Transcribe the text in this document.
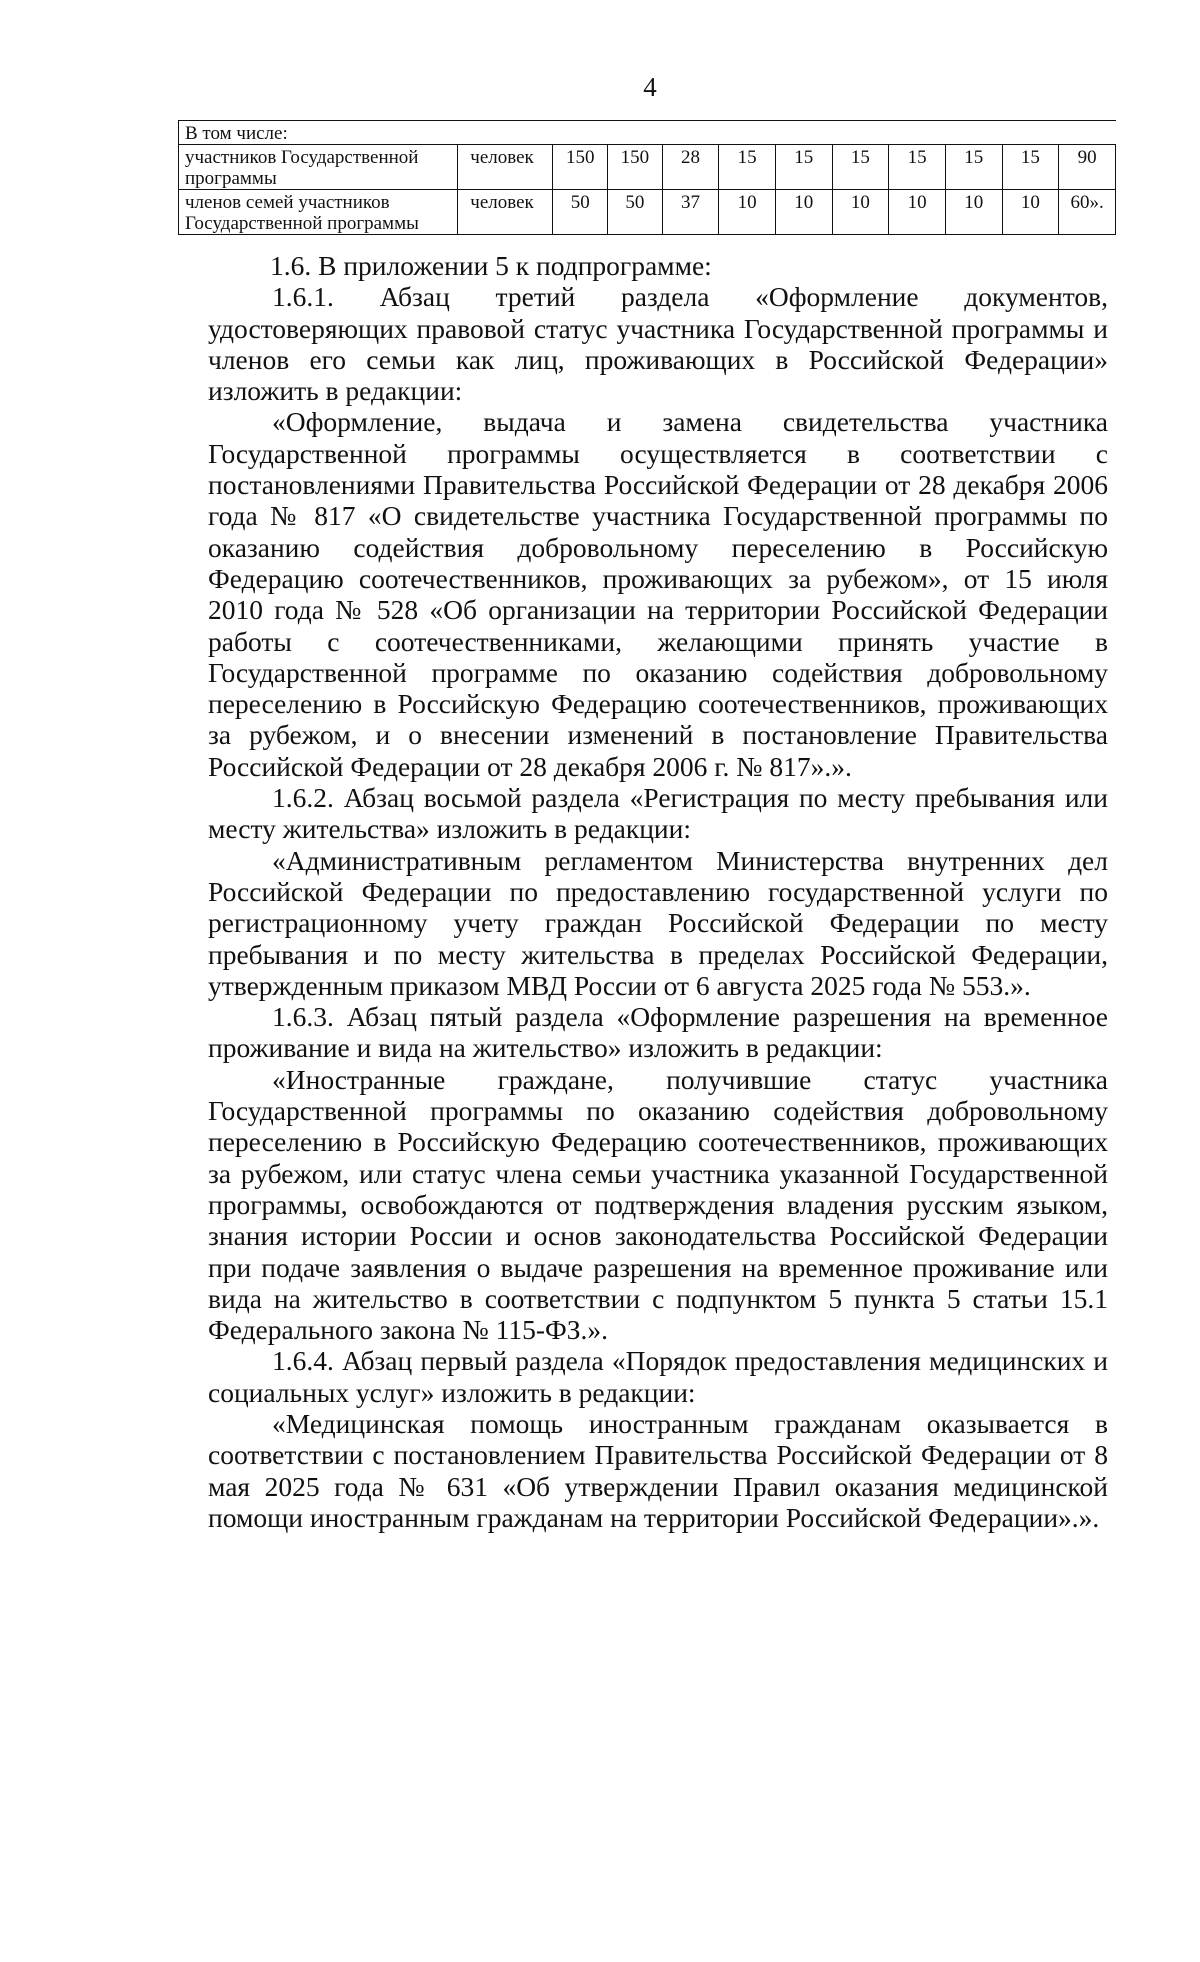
4
В том числе:											
участников Государственной программы	человек	150	150	28	15	15	15	15	15	15	90
членов семей участников Государственной программы	человек	50	50	37	10	10	10	10	10	10	60».

1.6. В приложении 5 к подпрограмме:

1.6.1. Абзац третий раздела «Оформление документов, удостоверяющих правовой статус участника Государственной программы и членов его семьи как лиц, проживающих в Российской Федерации» изложить в редакции:

«Оформление, выдача и замена свидетельства участника Государственной программы осуществляется в соответствии с постановлениями Правительства Российской Федерации от 28 декабря 2006 года № 817 «О свидетельстве участника Государственной программы по оказанию содействия добровольному переселению в Российскую Федерацию соотечественников, проживающих за рубежом», от 15 июля 2010 года № 528 «Об организации на территории Российской Федерации работы с соотечественниками, желающими принять участие в Государственной программе по оказанию содействия добровольному переселению в Российскую Федерацию соотечественников, проживающих за рубежом, и о внесении изменений в постановление Правительства Российской Федерации от 28 декабря 2006 г. № 817».».

1.6.2. Абзац восьмой раздела «Регистрация по месту пребывания или месту жительства» изложить в редакции:

«Административным регламентом Министерства внутренних дел Российской Федерации по предоставлению государственной услуги по регистрационному учету граждан Российской Федерации по месту пребывания и по месту жительства в пределах Российской Федерации, утвержденным приказом МВД России от 6 августа 2025 года № 553.».

1.6.3. Абзац пятый раздела «Оформление разрешения на временное проживание и вида на жительство» изложить в редакции:

«Иностранные граждане, получившие статус участника Государственной программы по оказанию содействия добровольному переселению в Российскую Федерацию соотечественников, проживающих за рубежом, или статус члена семьи участника указанной Государственной программы, освобождаются от подтверждения владения русским языком, знания истории России и основ законодательства Российской Федерации при подаче заявления о выдаче разрешения на временное проживание или вида на жительство в соответствии с подпунктом 5 пункта 5 статьи 15.1 Федерального закона № 115-ФЗ.».

1.6.4. Абзац первый раздела «Порядок предоставления медицинских и социальных услуг» изложить в редакции:

«Медицинская помощь иностранным гражданам оказывается в соответствии с постановлением Правительства Российской Федерации от 8 мая 2025 года № 631 «Об утверждении Правил оказания медицинской помощи иностранным гражданам на территории Российской Федерации».».
